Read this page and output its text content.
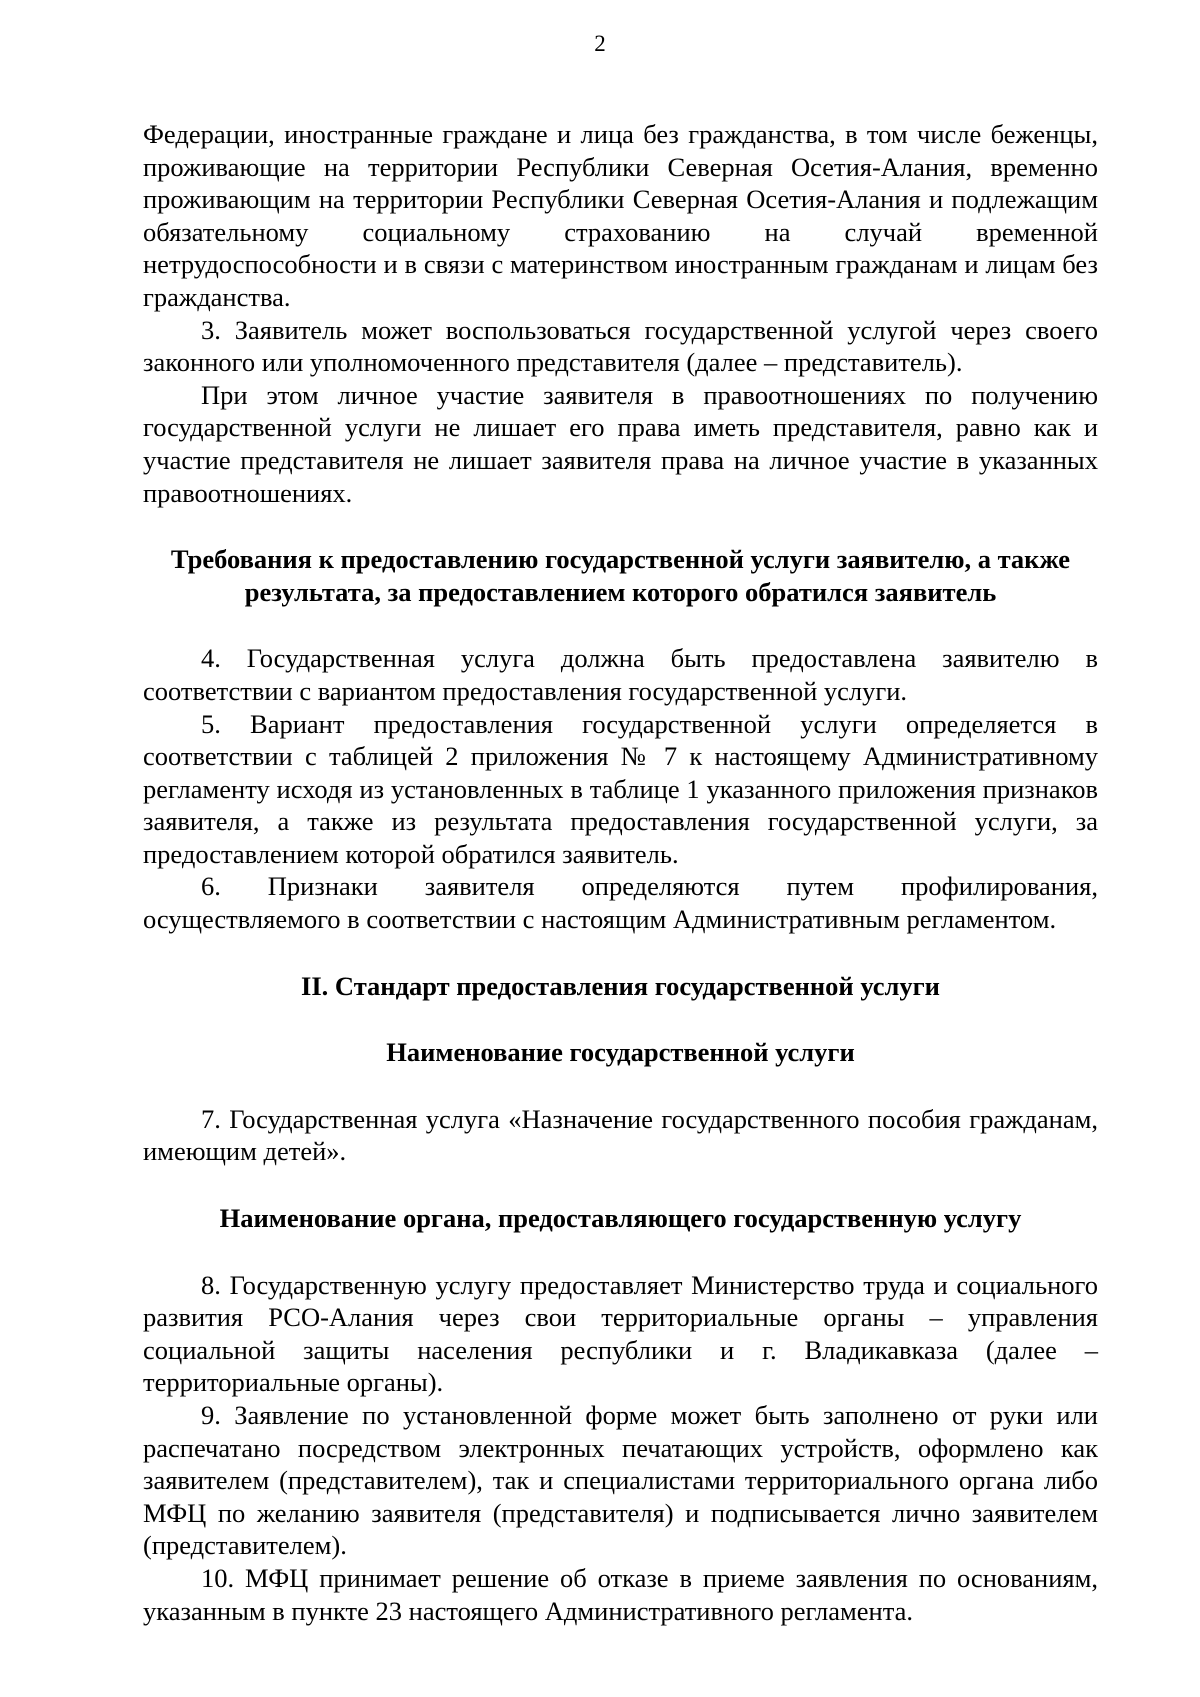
2

Федерации, иностранные граждане и лица без гражданства, в том числе беженцы, проживающие на территории Республики Северная Осетия-Алания, временно проживающим на территории Республики Северная Осетия-Алания и подлежащим обязательному социальному страхованию на случай временной нетрудоспособности и в связи с материнством иностранным гражданам и лицам без гражданства.

3. Заявитель может воспользоваться государственной услугой через своего законного или уполномоченного представителя (далее – представитель).

При этом личное участие заявителя в правоотношениях по получению государственной услуги не лишает его права иметь представителя, равно как и участие представителя не лишает заявителя права на личное участие в указанных правоотношениях.

Требования к предоставлению государственной услуги заявителю, а также результата, за предоставлением которого обратился заявитель

4. Государственная услуга должна быть предоставлена заявителю в соответствии с вариантом предоставления государственной услуги.

5. Вариант предоставления государственной услуги определяется в соответствии с таблицей 2 приложения № 7 к настоящему Административному регламенту исходя из установленных в таблице 1 указанного приложения признаков заявителя, а также из результата предоставления государственной услуги, за предоставлением которой обратился заявитель.

6. Признаки заявителя определяются путем профилирования, осуществляемого в соответствии с настоящим Административным регламентом.

II. Стандарт предоставления государственной услуги
Наименование государственной услуги

7. Государственная услуга «Назначение государственного пособия гражданам, имеющим детей».

Наименование органа, предоставляющего государственную услугу

8. Государственную услугу предоставляет Министерство труда и социального развития РСО-Алания через свои территориальные органы – управления социальной защиты населения республики и г. Владикавказа (далее – территориальные органы).

9. Заявление по установленной форме может быть заполнено от руки или распечатано посредством электронных печатающих устройств, оформлено как заявителем (представителем), так и специалистами территориального органа либо МФЦ по желанию заявителя (представителя) и подписывается лично заявителем (представителем).

10. МФЦ принимает решение об отказе в приеме заявления по основаниям, указанным в пункте 23 настоящего Административного регламента.
